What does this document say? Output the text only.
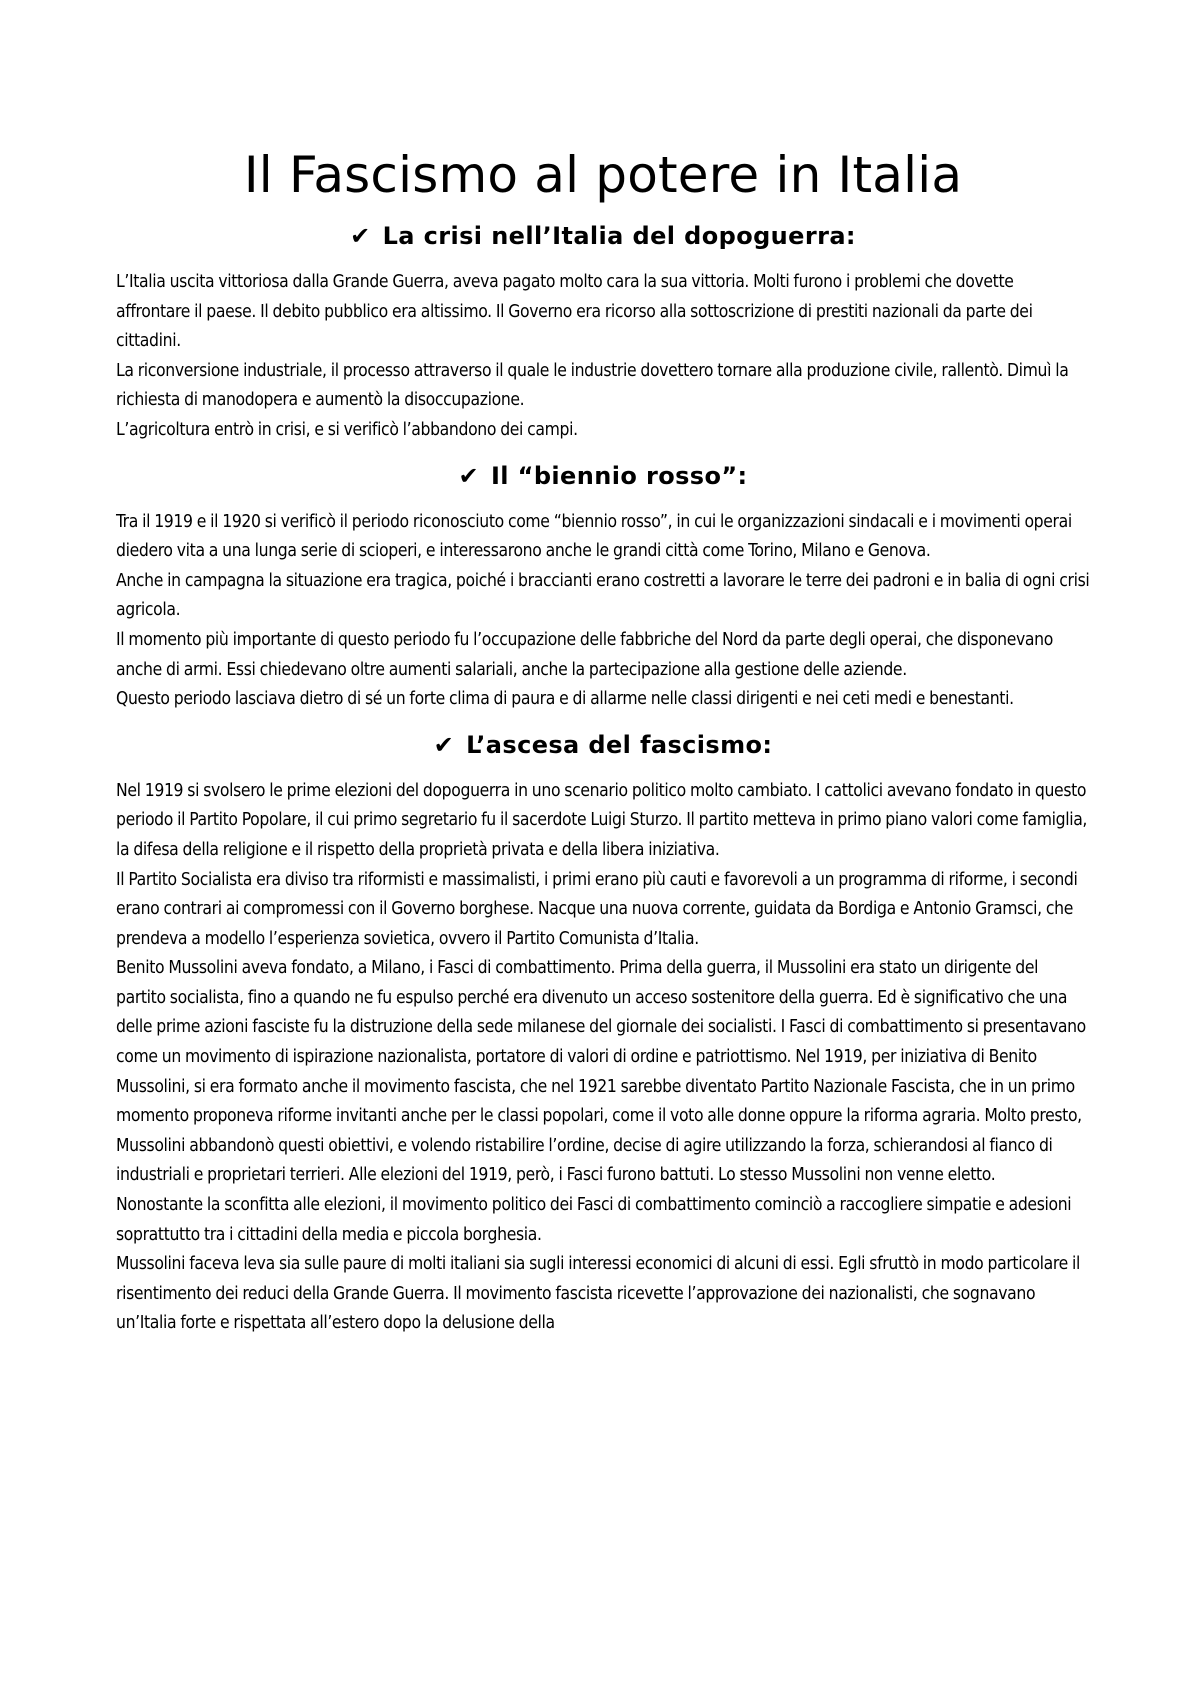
Il Fascismo al potere in Italia
✔ La crisi nell’Italia del dopoguerra:

L’Italia uscita vittoriosa dalla Grande Guerra, aveva pagato molto cara la sua vittoria. Molti furono i problemi che dovette affrontare il paese. Il debito pubblico era altissimo. Il Governo era ricorso alla sottoscrizione di prestiti nazionali da parte dei cittadini.

La riconversione industriale, il processo attraverso il quale le industrie dovettero tornare alla produzione civile, rallentò. Dimuì la richiesta di manodopera e aumentò la disoccupazione.

L’agricoltura entrò in crisi, e si verificò l’abbandono dei campi.

✔ Il “biennio rosso”:

Tra il 1919 e il 1920 si verificò il periodo riconosciuto come “biennio rosso”, in cui le organizzazioni sindacali e i movimenti operai diedero vita a una lunga serie di scioperi, e interessarono anche le grandi città come Torino, Milano e Genova.

Anche in campagna la situazione era tragica, poiché i braccianti erano costretti a lavorare le terre dei padroni e in balia di ogni crisi agricola.

Il momento più importante di questo periodo fu l’occupazione delle fabbriche del Nord da parte degli operai, che disponevano anche di armi. Essi chiedevano oltre aumenti salariali, anche la partecipazione alla gestione delle aziende.

Questo periodo lasciava dietro di sé un forte clima di paura e di allarme nelle classi dirigenti e nei ceti medi e benestanti.

✔ L’ascesa del fascismo:

Nel 1919 si svolsero le prime elezioni del dopoguerra in uno scenario politico molto cambiato. I cattolici avevano fondato in questo periodo il Partito Popolare, il cui primo segretario fu il sacerdote Luigi Sturzo. Il partito metteva in primo piano valori come famiglia, la difesa della religione e il rispetto della proprietà privata e della libera iniziativa.

Il Partito Socialista era diviso tra riformisti e massimalisti, i primi erano più cauti e favorevoli a un programma di riforme, i secondi erano contrari ai compromessi con il Governo borghese. Nacque una nuova corrente, guidata da Bordiga e Antonio Gramsci, che prendeva a modello l’esperienza sovietica, ovvero il Partito Comunista d’Italia.

Benito Mussolini aveva fondato, a Milano, i Fasci di combattimento. Prima della guerra, il Mussolini era stato un dirigente del partito socialista, fino a quando ne fu espulso perché era divenuto un acceso sostenitore della guerra. Ed è significativo che una delle prime azioni fasciste fu la distruzione della sede milanese del giornale dei socialisti. I Fasci di combattimento si presentavano come un movimento di ispirazione nazionalista, portatore di valori di ordine e patriottismo. Nel 1919, per iniziativa di Benito Mussolini, si era formato anche il movimento fascista, che nel 1921 sarebbe diventato Partito Nazionale Fascista, che in un primo momento proponeva riforme invitanti anche per le classi popolari, come il voto alle donne oppure la riforma agraria. Molto presto, Mussolini abbandonò questi obiettivi, e volendo ristabilire l’ordine, decise di agire utilizzando la forza, schierandosi al fianco di industriali e proprietari terrieri. Alle elezioni del 1919, però, i Fasci furono battuti. Lo stesso Mussolini non venne eletto.

Nonostante la sconfitta alle elezioni, il movimento politico dei Fasci di combattimento cominciò a raccogliere simpatie e adesioni soprattutto tra i cittadini della media e piccola borghesia.

Mussolini faceva leva sia sulle paure di molti italiani sia sugli interessi economici di alcuni di essi. Egli sfruttò in modo particolare il risentimento dei reduci della Grande Guerra. Il movimento fascista ricevette l’approvazione dei nazionalisti, che sognavano un’Italia forte e rispettata all’estero dopo la delusione della
